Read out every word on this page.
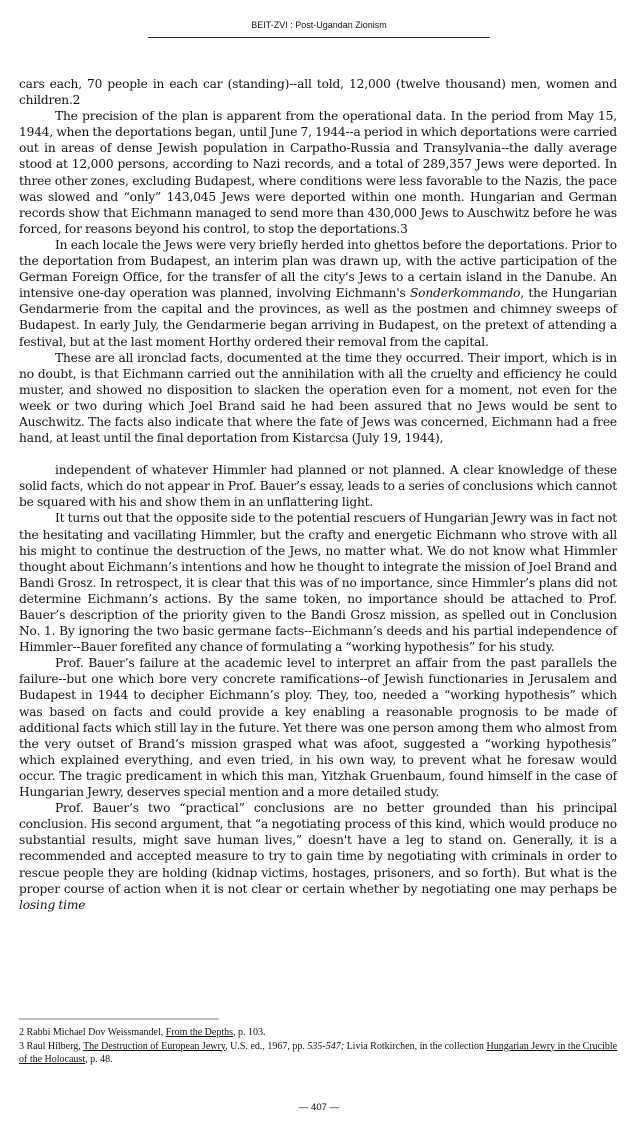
BEIT-ZVI : Post-Ugandan Zionism

cars each, 70 people in each car (standing)--all told, 12,000 (twelve thousand) men, women and children.2

The precision of the plan is apparent from the operational data. In the period from May 15, 1944, when the deportations began, until June 7, 1944--a period in which deportations were carried out in areas of dense Jewish population in Carpatho-Russia and Transylvania--the dally average stood at 12,000 persons, according to Nazi records, and a total of 289,357 Jews were deported. In three other zones, excluding Budapest, where conditions were less favorable to the Nazis, the pace was slowed and “only” 143,045 Jews were deported within one month. Hungarian and German records show that Eichmann managed to send more than 430,000 Jews to Auschwitz before he was forced, for reasons beyond his control, to stop the deportations.3

In each locale the Jews were very briefly herded into ghettos before the deportations. Prior to the deportation from Budapest, an interim plan was drawn up, with the active participation of the German Foreign Office, for the transfer of all the city's Jews to a certain island in the Danube. An intensive one-day operation was planned, involving Eichmann's Sonderkommando, the Hungarian Gendarmerie from the capital and the provinces, as well as the postmen and chimney sweeps of Budapest. In early July, the Gendarmerie began arriving in Budapest, on the pretext of attending a festival, but at the last moment Horthy ordered their removal from the capital.

These are all ironclad facts, documented at the time they occurred. Their import, which is in no doubt, is that Eichmann carried out the annihilation with all the cruelty and efficiency he could muster, and showed no disposition to slacken the operation even for a moment, not even for the week or two during which Joel Brand said he had been assured that no Jews would be sent to Auschwitz. The facts also indicate that where the fate of Jews was concerned, Eichmann had a free hand, at least until the final deportation from Kistarcsa (July 19, 1944),

independent of whatever Himmler had planned or not planned. A clear knowledge of these solid facts, which do not appear in Prof. Bauer’s essay, leads to a series of conclusions which cannot be squared with his and show them in an unflattering light.

It turns out that the opposite side to the potential rescuers of Hungarian Jewry was in fact not the hesitating and vacillating Himmler, but the crafty and energetic Eichmann who strove with all his might to continue the destruction of the Jews, no matter what. We do not know what Himmler thought about Eichmann’s intentions and how he thought to integrate the mission of Joel Brand and Bandi Grosz. In retrospect, it is clear that this was of no importance, since Himmler’s plans did not determine Eichmann’s actions. By the same token, no importance should be attached to Prof. Bauer’s description of the priority given to the Bandi Grosz mission, as spelled out in Conclusion No. 1. By ignoring the two basic germane facts--Eichmann’s deeds and his partial independence of Himmler--Bauer forefited any chance of formulating a “working hypothesis” for his study.

Prof. Bauer’s failure at the academic level to interpret an affair from the past parallels the failure--but one which bore very concrete ramifications--of Jewish functionaries in Jerusalem and Budapest in 1944 to decipher Eichmann’s ploy. They, too, needed a “working hypothesis” which was based on facts and could provide a key enabling a reasonable prognosis to be made of additional facts which still lay in the future. Yet there was one person among them who almost from the very outset of Brand’s mission grasped what was afoot, suggested a “working hypothesis” which explained everything, and even tried, in his own way, to prevent what he foresaw would occur. The tragic predicament in which this man, Yitzhak Gruenbaum, found himself in the case of Hungarian Jewry, deserves special mention and a more detailed study.

Prof. Bauer’s two “practical” conclusions are no better grounded than his principal conclusion. His second argument, that “a negotiating process of this kind, which would produce no substantial results, might save human lives,” doesn't have a leg to stand on. Generally, it is a recommended and accepted measure to try to gain time by negotiating with criminals in order to rescue people they are holding (kidnap victims, hostages, prisoners, and so forth). But what is the proper course of action when it is not clear or certain whether by negotiating one may perhaps be losing time

2 Rabbi Michael Dov Weissmandel, From the Depths, p. 103.

3 Raul Hilberg, The Destruction of European Jewry, U.S. ed., 1967, pp. 535-547; Livia Rotkirchen, in the collection Hungarian Jewry in the Crucible of the Holocaust, p. 48.

— 407 —
